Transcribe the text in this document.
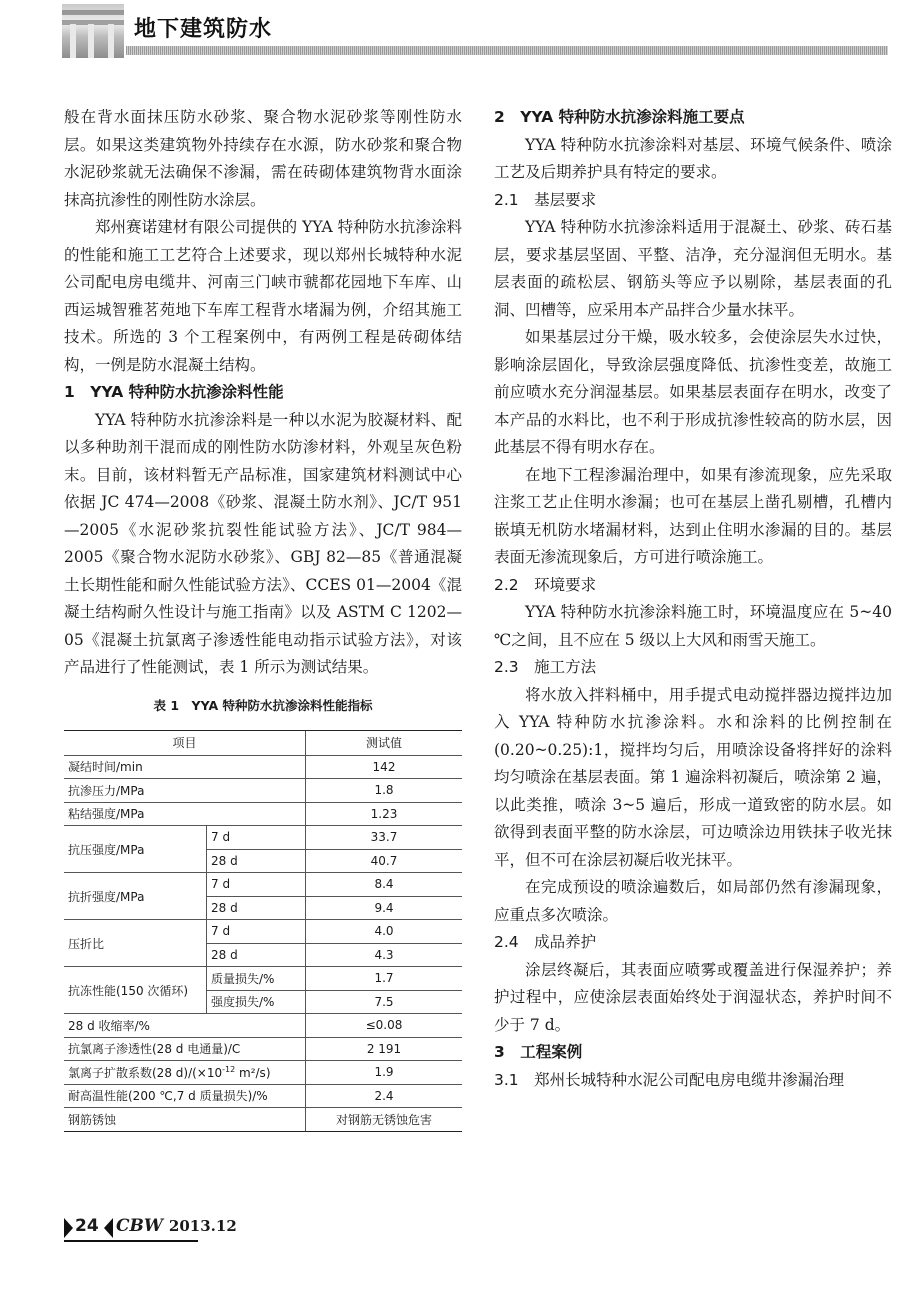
地下建筑防水

般在背水面抹压防水砂浆、聚合物水泥砂浆等刚性防水层。如果这类建筑物外持续存在水源，防水砂浆和聚合物水泥砂浆就无法确保不渗漏，需在砖砌体建筑物背水面涂抹高抗渗性的刚性防水涂层。

郑州赛诺建材有限公司提供的 YYA 特种防水抗渗涂料的性能和施工工艺符合上述要求，现以郑州长城特种水泥公司配电房电缆井、河南三门峡市虢都花园地下车库、山西运城智雅茗苑地下车库工程背水堵漏为例，介绍其施工技术。所选的 3 个工程案例中，有两例工程是砖砌体结构，一例是防水混凝土结构。

1　YYA 特种防水抗渗涂料性能

YYA 特种防水抗渗涂料是一种以水泥为胶凝材料、配以多种助剂干混而成的刚性防水防渗材料，外观呈灰色粉末。目前，该材料暂无产品标准，国家建筑材料测试中心依据 JC 474—2008《砂浆、混凝土防水剂》、JC/T 951—2005《水泥砂浆抗裂性能试验方法》、JC/T 984—2005《聚合物水泥防水砂浆》、GBJ 82—85《普通混凝土长期性能和耐久性能试验方法》、CCES 01—2004《混凝土结构耐久性设计与施工指南》以及 ASTM C 1202—05《混凝土抗氯离子渗透性能电动指示试验方法》，对该产品进行了性能测试，表 1 所示为测试结果。

表 1　YYA 特种防水抗渗涂料性能指标
项目		测试值
凝结时间/min		142
抗渗压力/MPa		1.8
粘结强度/MPa		1.23
抗压强度/MPa	7 d	33.7
	28 d	40.7
抗折强度/MPa	7 d	8.4
	28 d	9.4
压折比	7 d	4.0
	28 d	4.3
抗冻性能(150 次循环)	质量损失/%	1.7
	强度损失/%	7.5
28 d 收缩率/%		≤0.08
抗氯离子渗透性(28 d 电通量)/C		2 191
氯离子扩散系数(28 $d)/(\times 10^{-12}$ m²/s)		1.9
耐高温性能(200 ℃,7 d 质量损失)/%		2.4
钢筋锈蚀		对钢筋无锈蚀危害
2　YYA 特种防水抗渗涂料施工要点

YYA 特种防水抗渗涂料对基层、环境气候条件、喷涂工艺及后期养护具有特定的要求。

2.1　基层要求

YYA 特种防水抗渗涂料适用于混凝土、砂浆、砖石基层，要求基层坚固、平整、洁净，充分湿润但无明水。基层表面的疏松层、钢筋头等应予以剔除，基层表面的孔洞、凹槽等，应采用本产品拌合少量水抹平。

如果基层过分干燥，吸水较多，会使涂层失水过快，影响涂层固化，导致涂层强度降低、抗渗性变差，故施工前应喷水充分润湿基层。如果基层表面存在明水，改变了本产品的水料比，也不利于形成抗渗性较高的防水层，因此基层不得有明水存在。

在地下工程渗漏治理中，如果有渗流现象，应先采取注浆工艺止住明水渗漏；也可在基层上凿孔剔槽，孔槽内嵌填无机防水堵漏材料，达到止住明水渗漏的目的。基层表面无渗流现象后，方可进行喷涂施工。

2.2　环境要求

YYA 特种防水抗渗涂料施工时，环境温度应在 5~40 ℃之间，且不应在 5 级以上大风和雨雪天施工。

2.3　施工方法

将水放入拌料桶中，用手提式电动搅拌器边搅拌边加入 YYA 特种防水抗渗涂料。水和涂料的比例控制在(0.20~0.25):1，搅拌均匀后，用喷涂设备将拌好的涂料均匀喷涂在基层表面。第 1 遍涂料初凝后，喷涂第 2 遍，以此类推，喷涂 3~5 遍后，形成一道致密的防水层。如欲得到表面平整的防水涂层，可边喷涂边用铁抹子收光抹平，但不可在涂层初凝后收光抹平。

在完成预设的喷涂遍数后，如局部仍然有渗漏现象，应重点多次喷涂。

2.4　成品养护

涂层终凝后，其表面应喷雾或覆盖进行保湿养护；养护过程中，应使涂层表面始终处于润湿状态，养护时间不少于 7 d。

3　工程案例
3.1　郑州长城特种水泥公司配电房电缆井渗漏治理
24 CBW 2013.12
